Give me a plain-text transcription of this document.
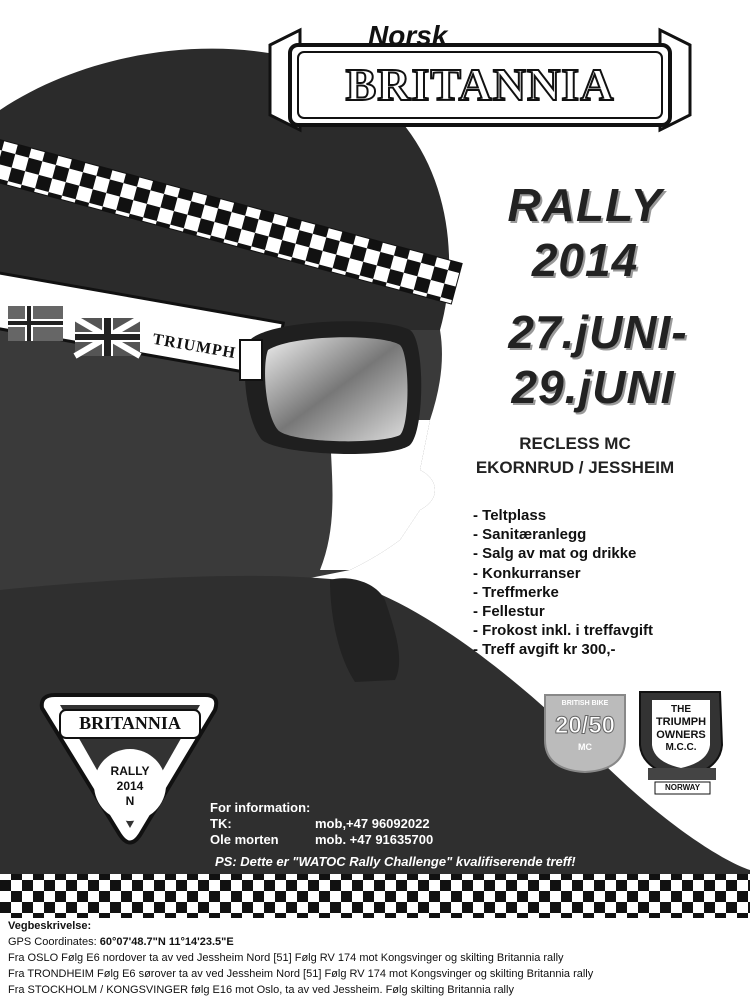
Norsk
BRITANNIA
RALLY
2014
27.jUNI-
29.jUNI
RECLESS MC
EKORNRUD / JESSHEIM
TRIUMPH
- Teltplass
- Sanitæranlegg
- Salg av mat og drikke
- Konkurranser
- Treffmerke
- Fellestur
- Frokost inkl. i treffavgift
- Treff avgift kr 300,-
BRITANNIA
RALLY
2014
N
BRITISH BIKE
20/50
MC
THE
TRIUMPH
OWNERS
M.C.C.
NORWAY
For information:
TK:	mob,+47 96092022
Ole morten	mob. +47 91635700
PS: Dette er "WATOC Rally Challenge" kvalifiserende treff!
Vegbeskrivelse:
GPS Coordinates: 60°07'48.7"N 11°14'23.5"E
Fra OSLO Følg E6 nordover ta av ved Jessheim Nord [51] Følg RV 174 mot Kongsvinger og skilting Britannia rally
Fra TRONDHEIM Følg E6 sørover ta av ved Jessheim Nord [51] Følg RV 174 mot Kongsvinger og skilting Britannia rally
Fra STOCKHOLM / KONGSVINGER følg E16 mot Oslo, ta av ved Jessheim. Følg skilting Britannia rally
